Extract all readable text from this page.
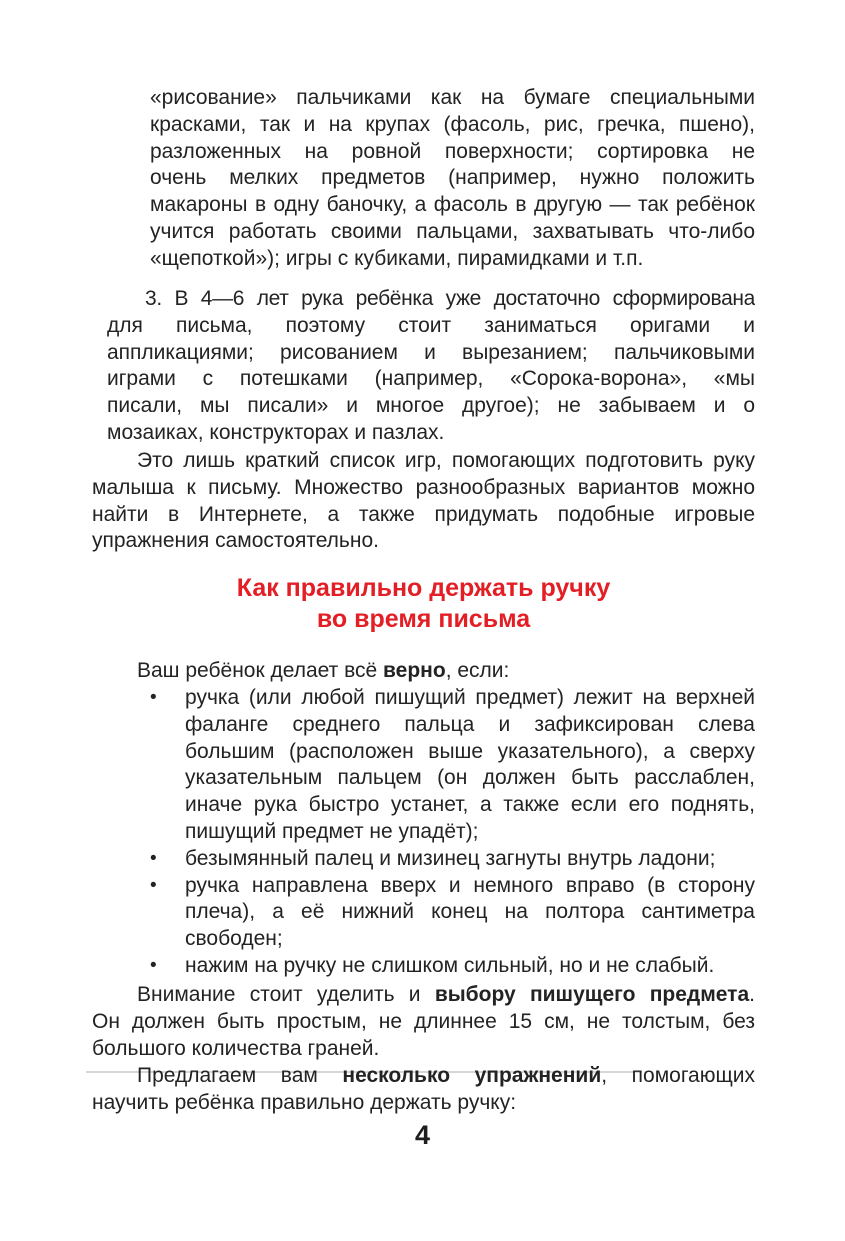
«рисование» пальчиками как на бумаге специальными
красками, так и на крупах (фасоль, рис, гречка, пшено),
разложенных на ровной поверхности; сортировка не
очень мелких предметов (например, нужно положить
макароны в одну баночку, а фасоль в другую — так ребёнок
учится работать своими пальцами, захватывать что-либо
«щепоткой»); игры с кубиками, пирамидками и т.п.
3. В 4—6 лет рука ребёнка уже достаточно сформирована
для письма, поэтому стоит заниматься оригами и
аппликациями; рисованием и вырезанием; пальчиковыми
играми с потешками (например, «Сорока-ворона», «мы
писали, мы писали» и многое другое); не забываем и о
мозаиках, конструкторах и пазлах.
Это лишь краткий список игр, помогающих подготовить руку
малыша к письму. Множество разнообразных вариантов можно
найти в Интернете, а также придумать подобные игровые
упражнения самостоятельно.
Как правильно держать ручку
во время письма
Ваш ребёнок делает всё верно, если:
•	ручка (или любой пишущий предмет) лежит на верхней
фаланге среднего пальца и зафиксирован слева
большим (расположен выше указательного), а сверху
указательным пальцем (он должен быть расслаблен,
иначе рука быстро устанет, а также если его поднять,
пишущий предмет не упадёт);
•	безымянный палец и мизинец загнуты внутрь ладони;
•	ручка направлена вверх и немного вправо (в сторону
плеча), а её нижний конец на полтора сантиметра
свободен;
•	нажим на ручку не слишком сильный, но и не слабый.
Внимание стоит уделить и выбору пишущего предмета.
Он должен быть простым, не длиннее 15 см, не толстым, без
большого количества граней.
Предлагаем вам несколько упражнений, помогающих
научить ребёнка правильно держать ручку:
4
